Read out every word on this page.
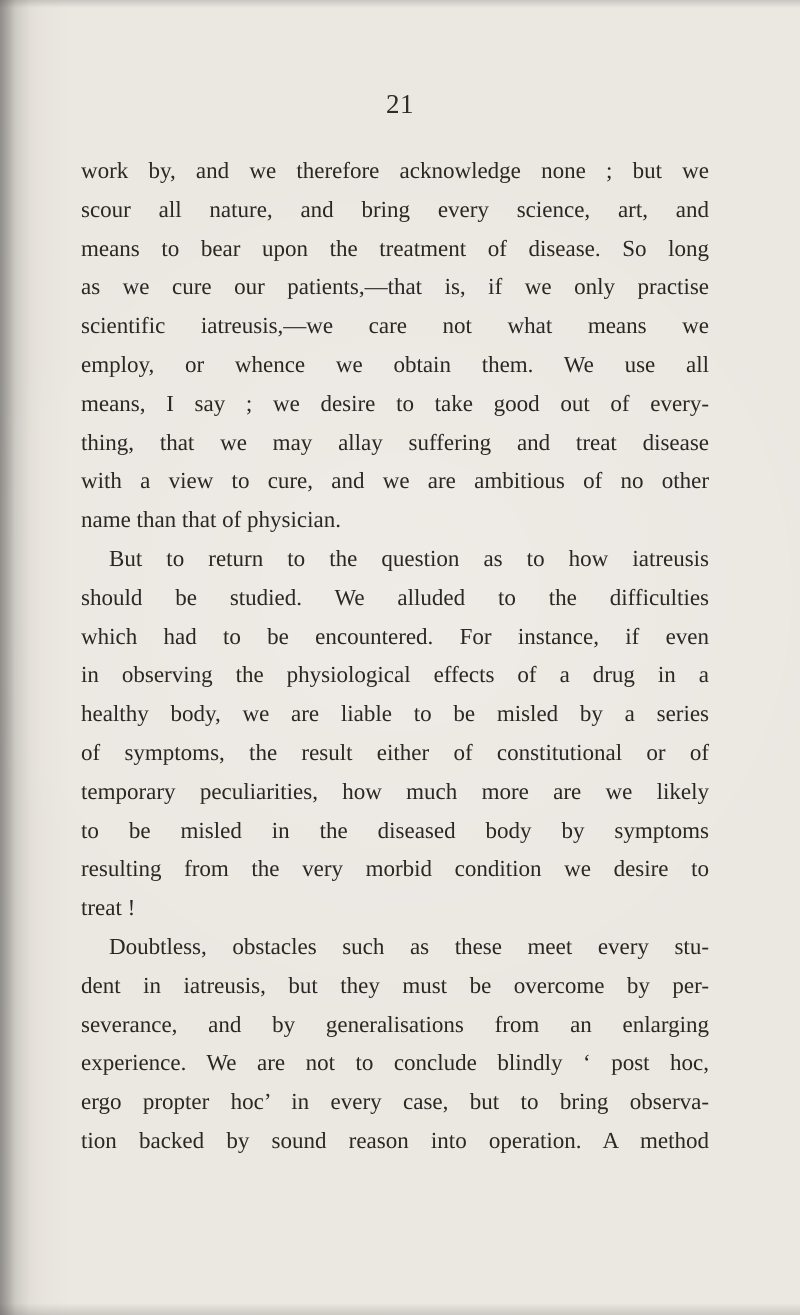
21
work by, and we therefore acknowledge none ; but we
scour all nature, and bring every science, art, and
means to bear upon the treatment of disease. So long
as we cure our patients,—that is, if we only practise
scientific iatreusis,—we care not what means we
employ, or whence we obtain them. We use all
means, I say ; we desire to take good out of every-
thing, that we may allay suffering and treat disease
with a view to cure, and we are ambitious of no other
name than that of physician.
But to return to the question as to how iatreusis
should be studied. We alluded to the difficulties
which had to be encountered. For instance, if even
in observing the physiological effects of a drug in a
healthy body, we are liable to be misled by a series
of symptoms, the result either of constitutional or of
temporary peculiarities, how much more are we likely
to be misled in the diseased body by symptoms
resulting from the very morbid condition we desire to
treat !
Doubtless, obstacles such as these meet every stu-
dent in iatreusis, but they must be overcome by per-
severance, and by generalisations from an enlarging
experience. We are not to conclude blindly ‘ post hoc,
ergo propter hoc’ in every case, but to bring observa-
tion backed by sound reason into operation. A method
